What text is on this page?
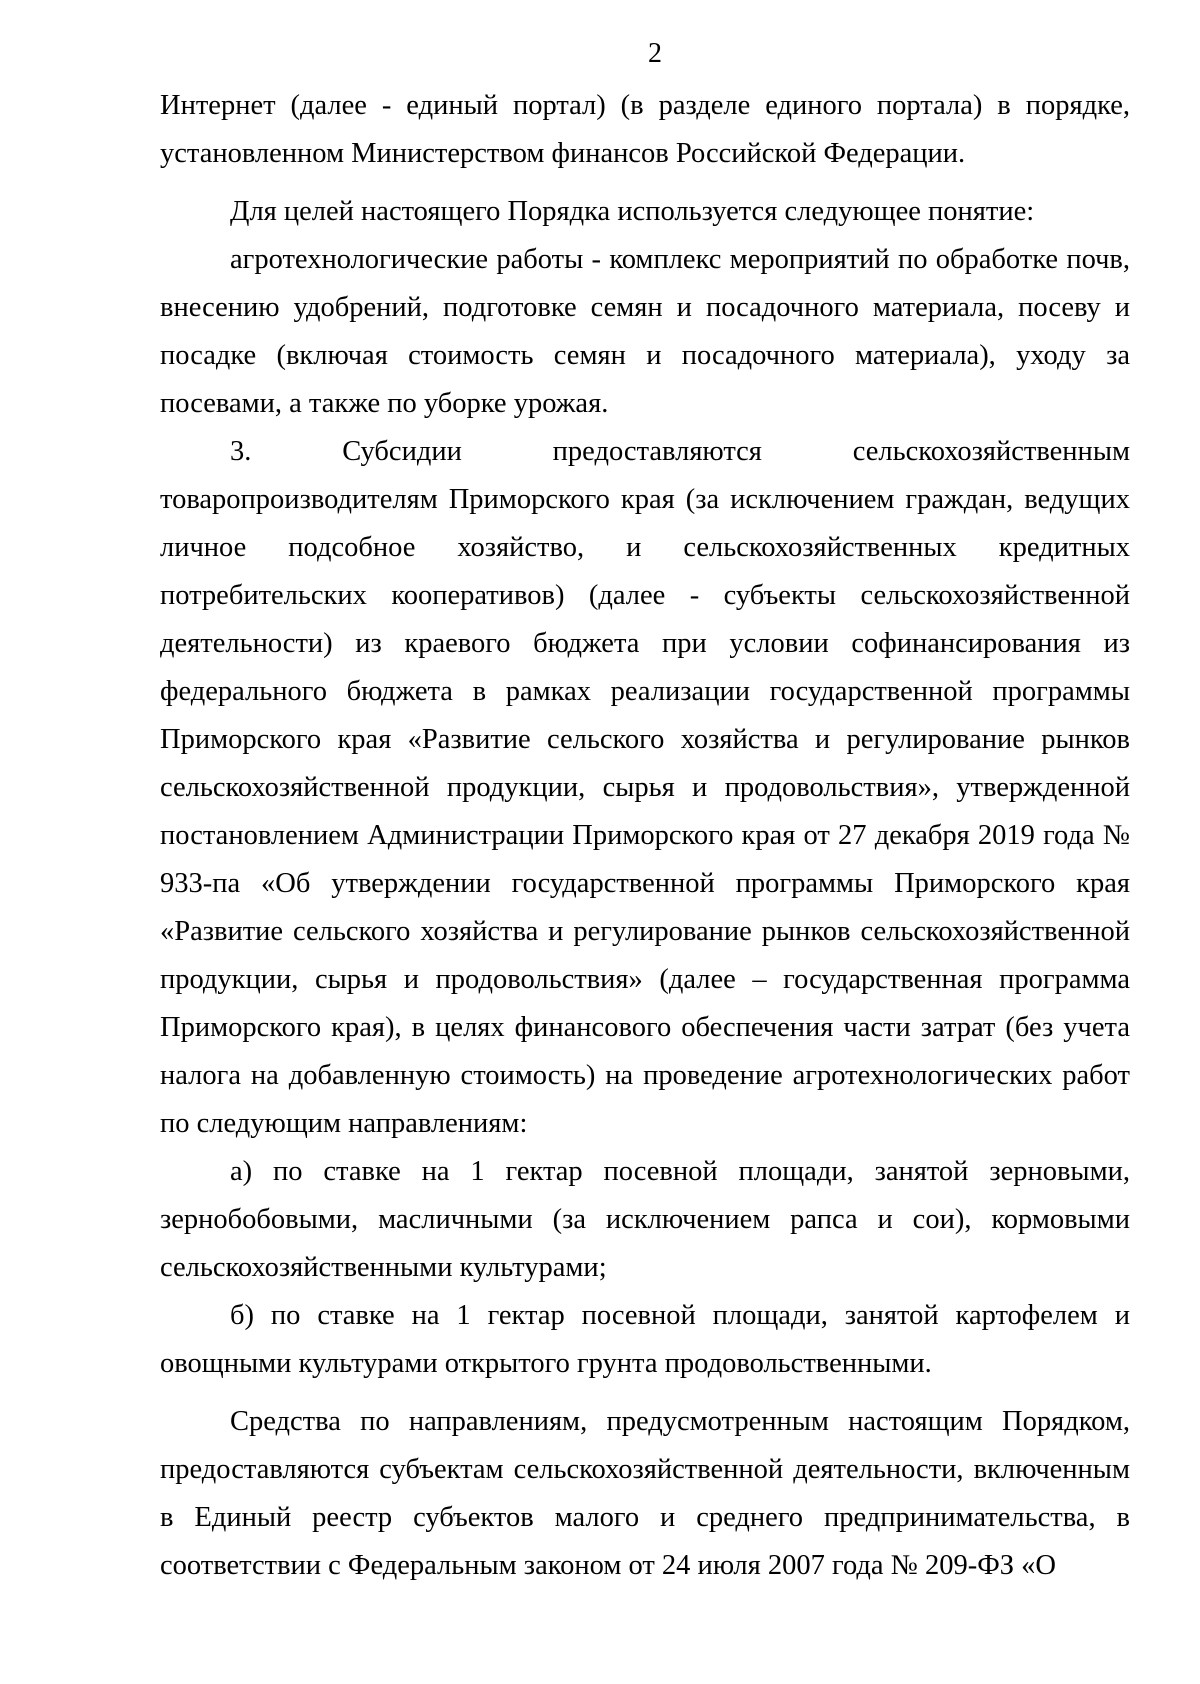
2

Интернет (далее - единый портал) (в разделе единого портала) в порядке, установленном Министерством финансов Российской Федерации.

Для целей настоящего Порядка используется следующее понятие:

агротехнологические работы - комплекс мероприятий по обработке почв, внесению удобрений, подготовке семян и посадочного материала, посеву и посадке (включая стоимость семян и посадочного материала), уходу за посевами, а также по уборке урожая.

3. Субсидии предоставляются сельскохозяйственным товаропроизводителям Приморского края (за исключением граждан, ведущих личное подсобное хозяйство, и сельскохозяйственных кредитных потребительских кооперативов) (далее - субъекты сельскохозяйственной деятельности) из краевого бюджета при условии софинансирования из федерального бюджета в рамках реализации государственной программы Приморского края «Развитие сельского хозяйства и регулирование рынков сельскохозяйственной продукции, сырья и продовольствия», утвержденной постановлением Администрации Приморского края от 27 декабря 2019 года № 933-па «Об утверждении государственной программы Приморского края «Развитие сельского хозяйства и регулирование рынков сельскохозяйственной продукции, сырья и продовольствия» (далее – государственная программа Приморского края), в целях финансового обеспечения части затрат (без учета налога на добавленную стоимость) на проведение агротехнологических работ по следующим направлениям:

а) по ставке на 1 гектар посевной площади, занятой зерновыми, зернобобовыми, масличными (за исключением рапса и сои), кормовыми сельскохозяйственными культурами;

б) по ставке на 1 гектар посевной площади, занятой картофелем и овощными культурами открытого грунта продовольственными.

Средства по направлениям, предусмотренным настоящим Порядком, предоставляются субъектам сельскохозяйственной деятельности, включенным в Единый реестр субъектов малого и среднего предпринимательства, в соответствии с Федеральным законом от 24 июля 2007 года № 209-ФЗ «О
